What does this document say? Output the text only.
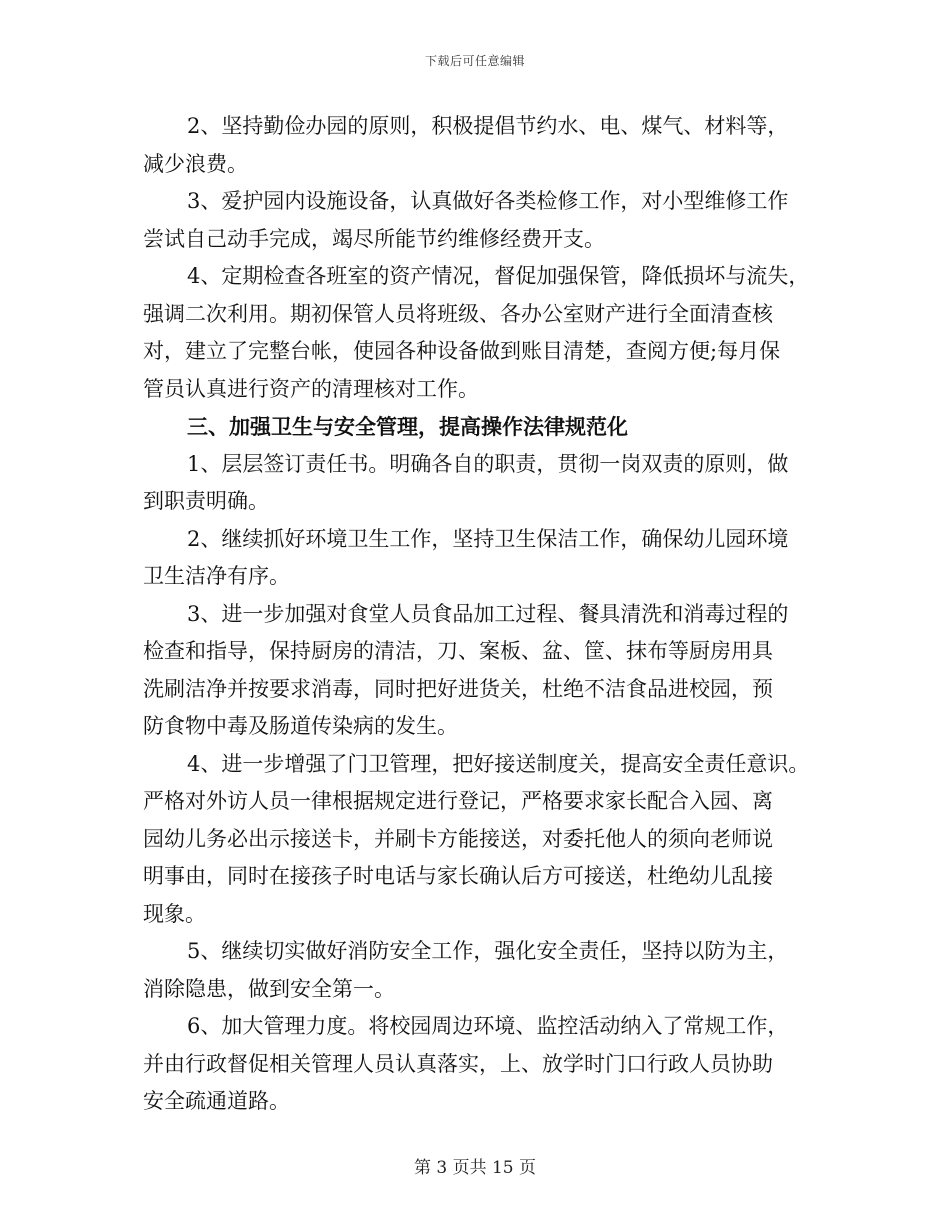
下载后可任意编辑

2、坚持勤俭办园的原则，积极提倡节约水、电、煤气、材料等，
减少浪费。

3、爱护园内设施设备，认真做好各类检修工作，对小型维修工作
尝试自己动手完成，竭尽所能节约维修经费开支。

4、定期检查各班室的资产情况，督促加强保管，降低损坏与流失，
强调二次利用。期初保管人员将班级、各办公室财产进行全面清查核
对，建立了完整台帐，使园各种设备做到账目清楚，查阅方便;每月保
管员认真进行资产的清理核对工作。

三、加强卫生与安全管理，提高操作法律规范化

1、层层签订责任书。明确各自的职责，贯彻一岗双责的原则，做
到职责明确。

2、继续抓好环境卫生工作，坚持卫生保洁工作，确保幼儿园环境
卫生洁净有序。

3、进一步加强对食堂人员食品加工过程、餐具清洗和消毒过程的
检查和指导，保持厨房的清洁，刀、案板、盆、筐、抹布等厨房用具
洗刷洁净并按要求消毒，同时把好进货关，杜绝不洁食品进校园，预
防食物中毒及肠道传染病的发生。

4、进一步增强了门卫管理，把好接送制度关，提高安全责任意识。
严格对外访人员一律根据规定进行登记，严格要求家长配合入园、离
园幼儿务必出示接送卡，并刷卡方能接送，对委托他人的须向老师说
明事由，同时在接孩子时电话与家长确认后方可接送，杜绝幼儿乱接
现象。

5、继续切实做好消防安全工作，强化安全责任，坚持以防为主，
消除隐患，做到安全第一。

6、加大管理力度。将校园周边环境、监控活动纳入了常规工作，
并由行政督促相关管理人员认真落实，上、放学时门口行政人员协助
安全疏通道路。

第 3 页共 15 页
